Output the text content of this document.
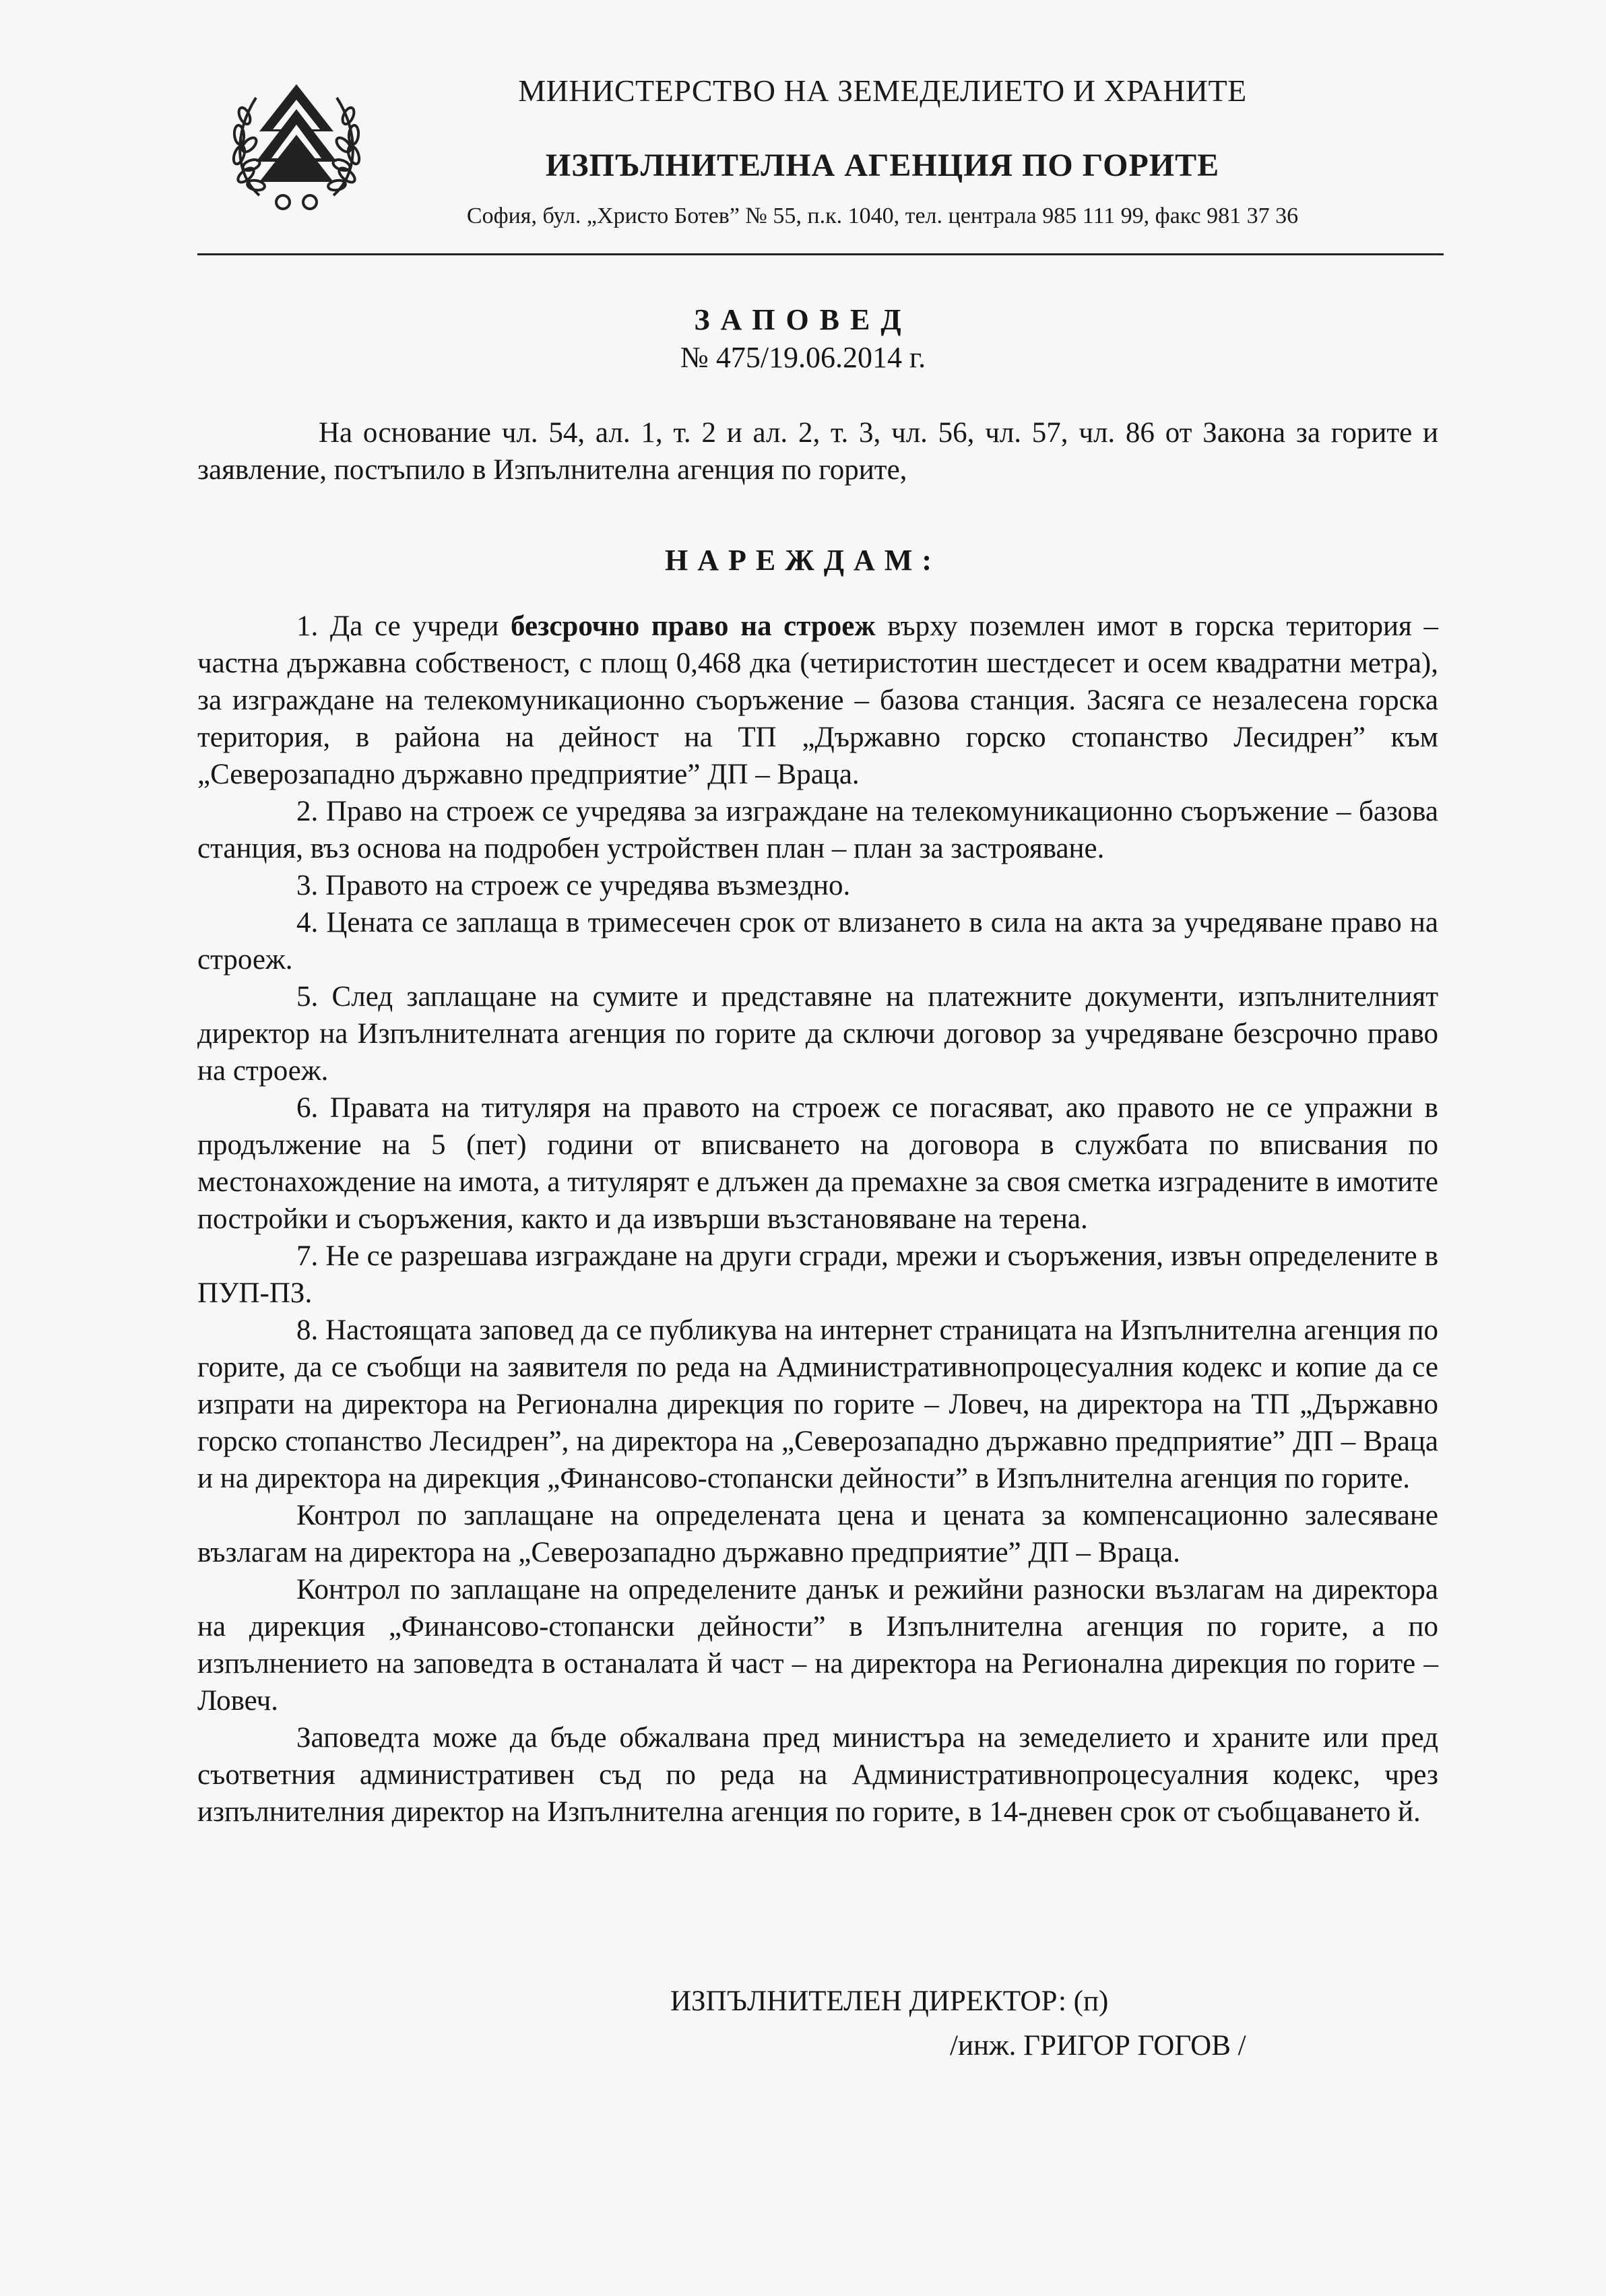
МИНИСТЕРСТВО НА ЗЕМЕДЕЛИЕТО И ХРАНИТЕ
ИЗПЪЛНИТЕЛНА АГЕНЦИЯ ПО ГОРИТЕ
София, бул. „Христо Ботев” № 55, п.к. 1040, тел. централа 985 111 99, факс 981 37 36
ЗАПОВЕД
№ 475/19.06.2014 г.

На основание чл. 54, ал. 1, т. 2 и ал. 2, т. 3, чл. 56, чл. 57, чл. 86 от Закона за горите и заявление, постъпило в Изпълнителна агенция по горите,

НАРЕЖДАМ:

1. Да се учреди безсрочно право на строеж върху поземлен имот в горска територия – частна държавна собственост, с площ 0,468 дка (четиристотин шестдесет и осем квадратни метра), за изграждане на телекомуникационно съоръжение – базова станция. Засяга се незалесена горска територия, в района на дейност на ТП „Държавно горско стопанство Лесидрен” към „Северозападно държавно предприятие” ДП – Враца.

2. Право на строеж се учредява за изграждане на телекомуникационно съоръжение – базова станция, въз основа на подробен устройствен план – план за застрояване.

3. Правото на строеж се учредява възмездно.

4. Цената се заплаща в тримесечен срок от влизането в сила на акта за учредяване право на строеж.

5. След заплащане на сумите и представяне на платежните документи, изпълнителният директор на Изпълнителната агенция по горите да сключи договор за учредяване безсрочно право на строеж.

6. Правата на титуляря на правото на строеж се погасяват, ако правото не се упражни в продължение на 5 (пет) години от вписването на договора в службата по вписвания по местонахождение на имота, а титулярят е длъжен да премахне за своя сметка изградените в имотите постройки и съоръжения, както и да извърши възстановяване на терена.

7. Не се разрешава изграждане на други сгради, мрежи и съоръжения, извън определените в ПУП-ПЗ.

8. Настоящата заповед да се публикува на интернет страницата на Изпълнителна агенция по горите, да се съобщи на заявителя по реда на Административнопроцесуалния кодекс и копие да се изпрати на директора на Регионална дирекция по горите – Ловеч, на директора на ТП „Държавно горско стопанство Лесидрен”, на директора на „Северозападно държавно предприятие” ДП – Враца и на директора на дирекция „Финансово-стопански дейности” в Изпълнителна агенция по горите.

Контрол по заплащане на определената цена и цената за компенсационно залесяване възлагам на директора на „Северозападно държавно предприятие” ДП – Враца.

Контрол по заплащане на определените данък и режийни разноски възлагам на директора на дирекция „Финансово-стопански дейности” в Изпълнителна агенция по горите, а по изпълнението на заповедта в останалата й част – на директора на Регионална дирекция по горите – Ловеч.

Заповедта може да бъде обжалвана пред министъра на земеделието и храните или пред съответния административен съд по реда на Административнопроцесуалния кодекс, чрез изпълнителния директор на Изпълнителна агенция по горите, в 14-дневен срок от съобщаването й.

ИЗПЪЛНИТЕЛЕН ДИРЕКТОР: (п)
/инж. ГРИГОР ГОГОВ /
